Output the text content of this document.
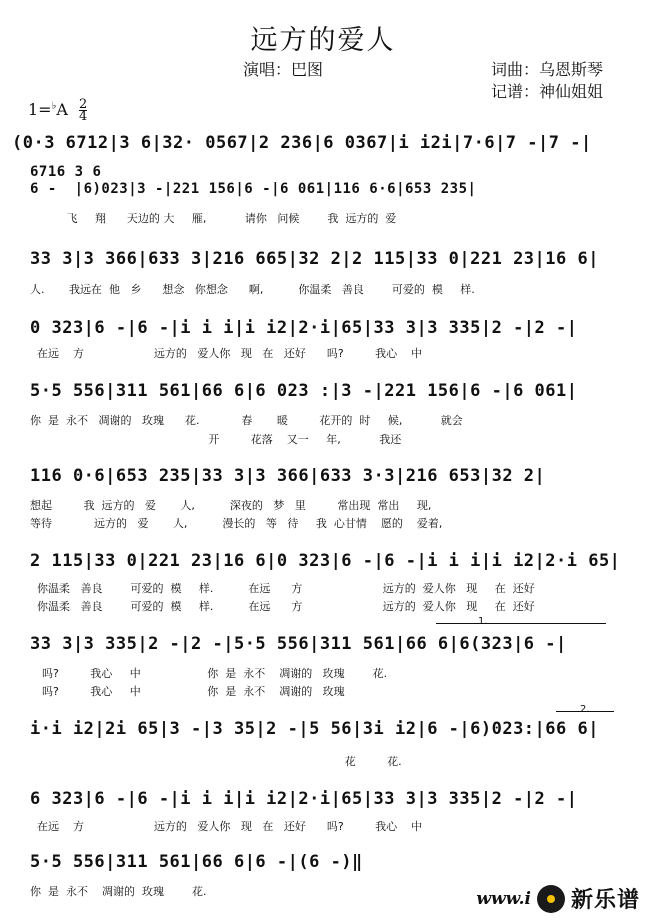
远方的爱人
演唱：巴图	词曲：乌恩斯琴
记谱：神仙姐姐
$1=^♭A \frac{2}{4}$
(0·3 6712|3 6|32· 0567|2 236|6 0367|i i2i|7·6|7 -|7 -|
6716 3 6
6 -  |6)023|3 -|221 156|6 -|6 061|116 6·6|653 235|
飞     翔      天边的 大     雁,           请你   问候        我  远方的  爱
33 3|3 366|633 3|216 665|32 2|2 115|33 0|221 23|16 6|
人.       我远在  他   乡      想念   你想念      啊,          你温柔   善良        可爱的  模     样.
0 323|6 -|6 -|i i i|i i2|2·i|65|33 3|3 335|2 -|2 -|
在远    方                    远方的   爱人你   现   在   还好      吗?         我心    中
5·5 556|311 561|66 6|6 023 :|3 -|221 156|6 -|6 061|
你  是  永不   凋谢的   玫瑰      花.            春       暖         花开的  时     候,           就会
开         花落    又一     年,           我还
116 0·6|653 235|33 3|3 366|633 3·3|216 653|32 2|
想起         我  远方的   爱       人,          深夜的   梦   里         常出现  常出     现,
等待            远方的   爱       人,          漫长的   等   待     我  心甘情    愿的    爱着,
2 115|33 0|221 23|16 6|0 323|6 -|6 -|i i i|i i2|2·i 65|
你温柔   善良        可爱的  模     样.          在远      方                       远方的  爱人你   现     在  还好
你温柔   善良        可爱的  模     样.          在远      方                       远方的  爱人你   现     在  还好
1.
33 3|3 335|2 -|2 -|5·5 556|311 561|66 6|6(323|6 -|
吗?         我心     中                   你  是  永不    凋谢的   玫瑰        花.
吗?         我心     中                   你  是  永不    凋谢的   玫瑰
2.
i·i i2|2i 65|3 -|3 35|2 -|5 56|3i i2|6 -|6)023:|66 6|
花         花.
6 323|6 -|6 -|i i i|i i2|2·i|65|33 3|3 335|2 -|2 -|
在远    方                    远方的   爱人你   现   在   还好      吗?         我心    中
5·5 556|311 561|66 6|6 -|(6 -)‖
你  是  永不    凋谢的  玫瑰        花.	www.i 新乐谱
